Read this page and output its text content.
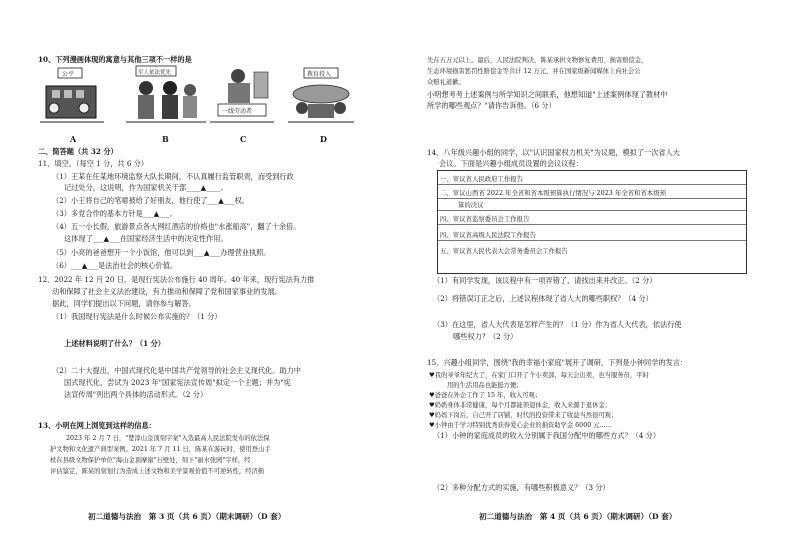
10、下列漫画体现的寓意与其他三项不一样的是
公平	军人依法优先
一线劳动者
教育投入
A	B	C	D
二、简答题（共 32 分）
11、填空。（每空 1 分，共 6 分）
（1）王某在任某地环境监察大队长期间，不认真履行监管职责，而受到行政
记过处分，这说明，作为国家机关干部____▲____。
（2）小王将自己的笔噫被给了好朋友，他行使了___▲___权。
（3）多党合作的基本方针是___▲___。
（4）五一小长假，旅游景点各大网红酒店的价格也"水涨船高"，翻了十余倍。
这体现了___▲___在国家经济生活中的决定性作用。
（5）小亮的爸爸想开一个小饭馆，他可以到___▲___办理营业执照。
（6）___▲___是法治社会的核心价值。
12、2022 年 12 月 20 日，是现行宪法公布施行 40 周年。40 年来，现行宪法有力推
动和保障了社会主义法治建设，有力推动和保障了党和国家事业的发展。
据此，同学们提出以下问题，请你参与解答。
（1）我国现行宪法是什么时候公布实施的？（1 分）
上述材料说明了什么？（1 分）
（2）二十大提出，中国式现代化是中国共产党领导的社会主义现代化。助力中
国式现代化，尝试为 2023 年"国家宪法宣传周"拟定一个主题；并为"宪
法宣传周"列出两个具体的活动形式。（2 分）
13、小明在网上浏览到这样的信息：
2023 年 2 月 7 日，"楚淳山金顶刻字案"入选最高人民法院发布的依法保
护文物和文化遗产典型案例。2021 年 7 月 11 日，陈某在游玩时，使用登山手
杖在县级文物保护单位"海山金顶摩崖"石壁处，刻下"丽水张园"字样，经
评估鉴定，陈某的刻划行为造成上述文物和美学景观价值不可逆转性，经济损
初二道德与法治　第 3 页（共 6 页）（期末调研）（D 套）
失在五万元以上。最后，人民法院判决，陈某承担文物修复费用、损害赔偿金，
生态环境损害惩罚性赔偿金等共计 12 万元，并在国家级新闻媒体上向社会公
众赔礼道歉。
小明想考考上述案例与所学知识之间联系，他想知道"上述案例体现了教材中
所学的哪些观点？"请你告诉他。（6 分）
14、八年级兴趣小组的同学，以"认识国家权力机关"为议题，模拟了一次省人大
会议。下面是兴趣小组成员设置的会议议程：
一、审议省人民政府工作报告
二、审议山西省 2022 年全省和省本级预算执行情况与 2023 年全省和省本级预
算的决议
四、审议省监察委员会工作报告
四、审议省高级人民法院工作报告
五、审议省人民代表大会常务委员会工作报告
（1）有同学发现，该议程中有一项弄错了，请找出来并改正。（2 分）
（2）将错误订正之后，上述议程体现了省人大的哪些职权？（4 分）
（3）在这里，省人大代表是怎样产生的？（1 分）作为省人大代表，依法行使
哪些权力？（2 分）
15、兴趣小组同学，围绕"我的幸福小家庭"展开了调研，下列是小钟同学的发言：
♥我的爷爷年纪大了，在家门口开了个小卖部，每天会出卖，也当服务员，平时
用的生活用品也能挺方便；
♥爸爸在外企工作了 15 年，收入可观；
♥奶奶身体非常健康，每个月都能领退休金，收入来源于退休金；
♥妈妈下岗后，自己开了店铺，时代的投资带来了收益当然很可观；
♥小钟由于学习特别优秀获得爱心企业的捐资助学金 6000 元……
（1）小钟的家庭成员的收入分别属于我国分配中的哪些方式？（4 分）
（2）多种分配方式的实施，有哪些积极意义？（3 分）
初二道德与法治　第 4 页（共 6 页）（期末调研）（D 套）
